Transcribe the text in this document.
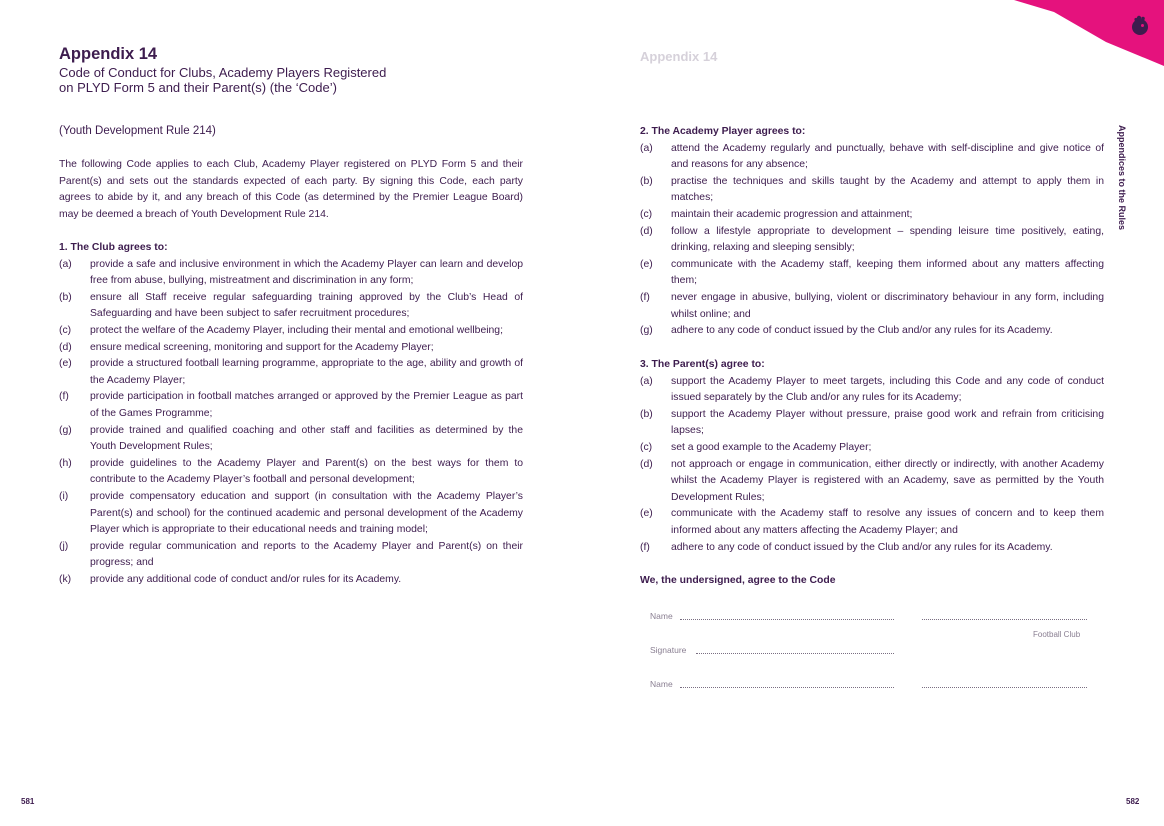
Appendix 14
Code of Conduct for Clubs, Academy Players Registered
on PLYD Form 5 and their Parent(s) (the ‘Code’)
(Youth Development Rule 214)

The following Code applies to each Club, Academy Player registered on PLYD Form 5 and their Parent(s) and sets out the standards expected of each party. By signing this Code, each party agrees to abide by it, and any breach of this Code (as determined by the Premier League Board) may be deemed a breach of Youth Development Rule 214.

1. The Club agrees to:

(a)	provide a safe and inclusive environment in which the Academy Player can learn and develop free from abuse, bullying, mistreatment and discrimination in any form;
(b)	ensure all Staff receive regular safeguarding training approved by the Club’s Head of Safeguarding and have been subject to safer recruitment procedures;
(c)	protect the welfare of the Academy Player, including their mental and emotional wellbeing;
(d)	ensure medical screening, monitoring and support for the Academy Player;
(e)	provide a structured football learning programme, appropriate to the age, ability and growth of the Academy Player;
(f)	provide participation in football matches arranged or approved by the Premier League as part of the Games Programme;
(g)	provide trained and qualified coaching and other staff and facilities as determined by the Youth Development Rules;
(h)	provide guidelines to the Academy Player and Parent(s) on the best ways for them to contribute to the Academy Player’s football and personal development;
(i)	provide compensatory education and support (in consultation with the Academy Player’s Parent(s) and school) for the continued academic and personal development of the Academy Player which is appropriate to their educational needs and training model;
(j)	provide regular communication and reports to the Academy Player and Parent(s) on their progress; and
(k)	provide any additional code of conduct and/or rules for its Academy.
581
Appendix 14

2. The Academy Player agrees to:

(a)	attend the Academy regularly and punctually, behave with self-discipline and give notice of and reasons for any absence;
(b)	practise the techniques and skills taught by the Academy and attempt to apply them in matches;
(c)	maintain their academic progression and attainment;
(d)	follow a lifestyle appropriate to development – spending leisure time positively, eating, drinking, relaxing and sleeping sensibly;
(e)	communicate with the Academy staff, keeping them informed about any matters affecting them;
(f)	never engage in abusive, bullying, violent or discriminatory behaviour in any form, including whilst online; and
(g)	adhere to any code of conduct issued by the Club and/or any rules for its Academy.

3. The Parent(s) agree to:

(a)	support the Academy Player to meet targets, including this Code and any code of conduct issued separately by the Club and/or any rules for its Academy;
(b)	support the Academy Player without pressure, praise good work and refrain from criticising lapses;
(c)	set a good example to the Academy Player;
(d)	not approach or engage in communication, either directly or indirectly, with another Academy whilst the Academy Player is registered with an Academy, save as permitted by the Youth Development Rules;
(e)	communicate with the Academy staff to resolve any issues of concern and to keep them informed about any matters affecting the Academy Player; and
(f)	adhere to any code of conduct issued by the Club and/or any rules for its Academy.

We, the undersigned, agree to the Code

Name
Football Club
Signature
Name
Appendices to the Rules
582
